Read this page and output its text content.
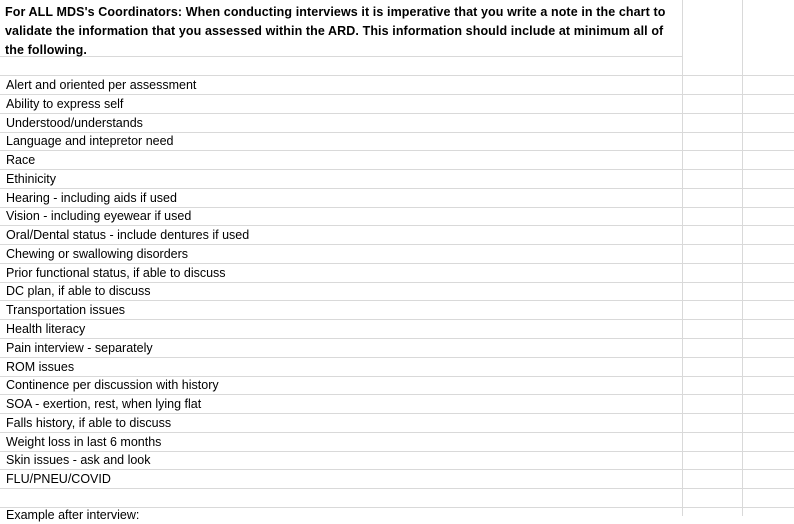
For ALL MDS's Coordinators: When conducting interviews it is imperative that you write a note in the chart to validate the information that you assessed within the ARD. This information should include at minimum all of the following.
Alert and oriented per assessment
Ability to express self
Understood/understands
Language and intepretor need
Race
Ethinicity
Hearing - including aids if used
Vision - including eyewear if used
Oral/Dental status - include dentures if used
Chewing or swallowing disorders
Prior functional status, if able to discuss
DC plan, if able to discuss
Transportation issues
Health literacy
Pain interview - separately
ROM issues
Continence per discussion with history
SOA - exertion, rest, when lying flat
Falls history, if able to discuss
Weight loss in last 6 months
Skin issues - ask and look
FLU/PNEU/COVID
Example after interview:
